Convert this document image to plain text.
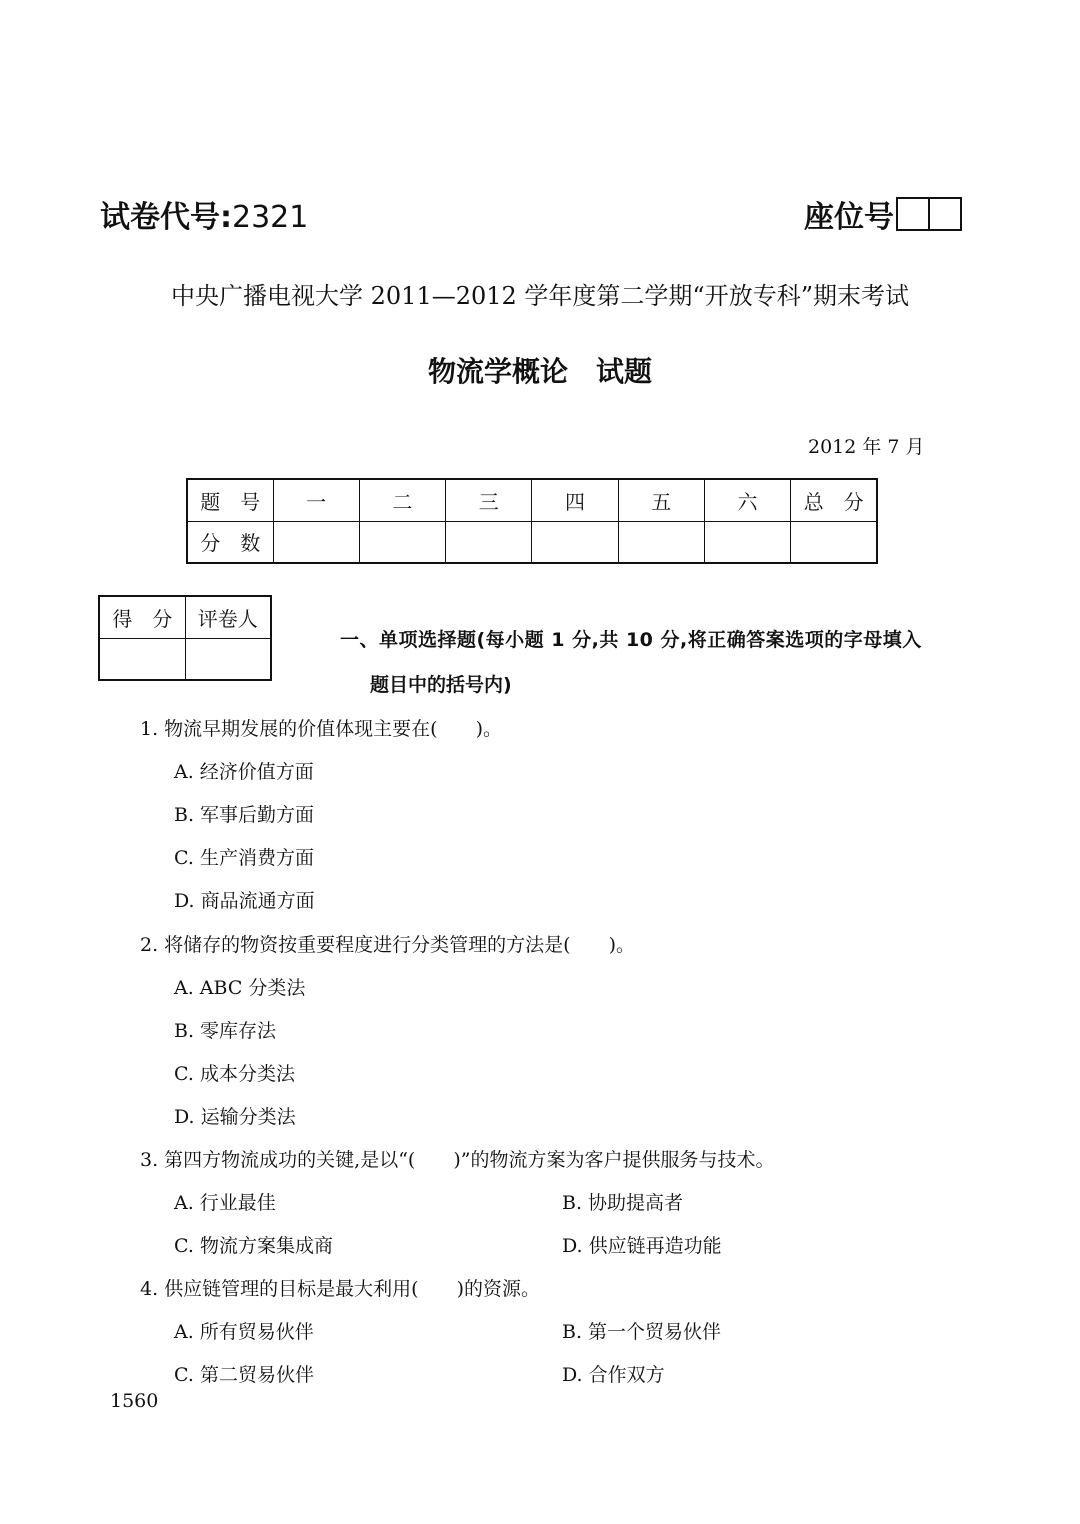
试卷代号:2321	座位号
中央广播电视大学 2011—2012 学年度第二学期“开放专科”期末考试
物流学概论　试题
2012 年 7 月
题　号	一	二	三	四	五	六	总　分
分　数							
得　分	评卷人

一、单项选择题(每小题 1 分,共 10 分,将正确答案选项的字母填入
题目中的括号内)
1. 物流早期发展的价值体现主要在(　　)。
A. 经济价值方面
B. 军事后勤方面
C. 生产消费方面
D. 商品流通方面
2. 将储存的物资按重要程度进行分类管理的方法是(　　)。
A. ABC 分类法
B. 零库存法
C. 成本分类法
D. 运输分类法
3. 第四方物流成功的关键,是以“(　　)”的物流方案为客户提供服务与技术。
A. 行业最佳	B. 协助提高者
C. 物流方案集成商	D. 供应链再造功能
4. 供应链管理的目标是最大利用(　　)的资源。
A. 所有贸易伙伴	B. 第一个贸易伙伴
C. 第二贸易伙伴	D. 合作双方
1560
